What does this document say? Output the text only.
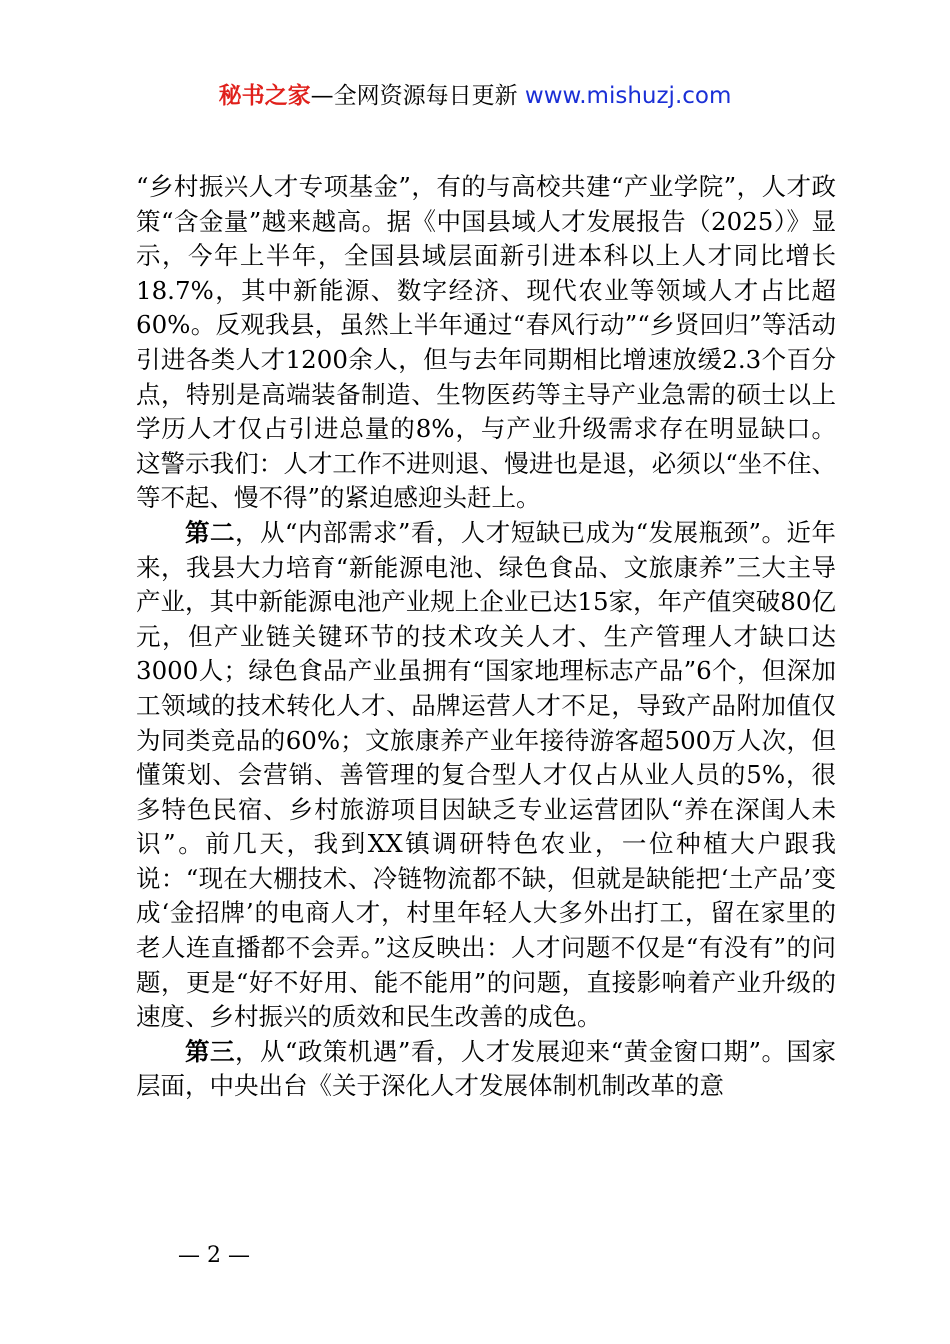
秘书之家—全网资源每日更新 www.mishuzj.com

“乡村振兴人才专项基金”，有的与高校共建“产业学院”，人才政策“含金量”越来越高。据《中国县域人才发展报告（2025）》显示，今年上半年，全国县域层面新引进本科以上人才同比增长18.7%，其中新能源、数字经济、现代农业等领域人才占比超60%。反观我县，虽然上半年通过“春风行动”“乡贤回归”等活动引进各类人才1200余人，但与去年同期相比增速放缓2.3个百分点，特别是高端装备制造、生物医药等主导产业急需的硕士以上学历人才仅占引进总量的8%，与产业升级需求存在明显缺口。这警示我们：人才工作不进则退、慢进也是退，必须以“坐不住、等不起、慢不得”的紧迫感迎头赶上。

第二，从“内部需求”看，人才短缺已成为“发展瓶颈”。近年来，我县大力培育“新能源电池、绿色食品、文旅康养”三大主导产业，其中新能源电池产业规上企业已达15家，年产值突破80亿元，但产业链关键环节的技术攻关人才、生产管理人才缺口达3000人；绿色食品产业虽拥有“国家地理标志产品”6个，但深加工领域的技术转化人才、品牌运营人才不足，导致产品附加值仅为同类竞品的60%；文旅康养产业年接待游客超500万人次，但懂策划、会营销、善管理的复合型人才仅占从业人员的5%，很多特色民宿、乡村旅游项目因缺乏专业运营团队“养在深闺人未识”。前几天，我到XX镇调研特色农业，一位种植大户跟我说：“现在大棚技术、冷链物流都不缺，但就是缺能把‘土产品’变成‘金招牌’的电商人才，村里年轻人大多外出打工，留在家里的老人连直播都不会弄。”这反映出：人才问题不仅是“有没有”的问题，更是“好不好用、能不能用”的问题，直接影响着产业升级的速度、乡村振兴的质效和民生改善的成色。

第三，从“政策机遇”看，人才发展迎来“黄金窗口期”。国家层面，中央出台《关于深化人才发展体制机制改革的意

— 2 —
